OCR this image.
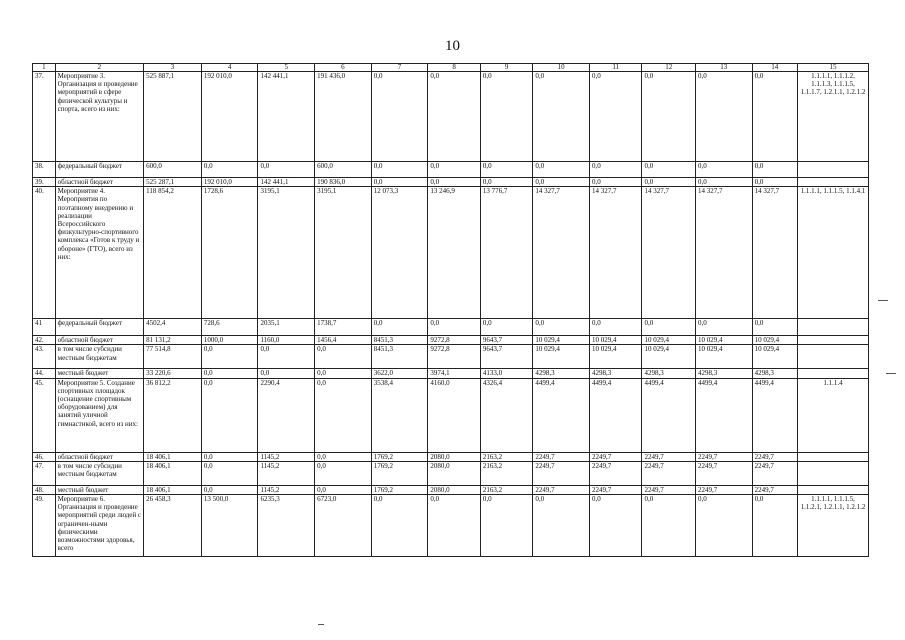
10
1	2	3	4	5	6	7	8	9	10	11	12	13	14	15
37.	Мероприятие 3. Организация и проведение мероприятий в сфере физической культуры и спорта, всего из них:	525 887,1	192 010,0	142 441,1	191 436,0	0,0	0,0	0,0	0,0	0,0	0,0	0,0	0,0	1.1.1.1, 1.1.1.2, 1.1.1.3, 1.1.1.5, 1.1.1.7, 1.2.1.1, 1.2.1.2
38.	федеральный бюджет	600,0	0,0	0,0	600,0	0,0	0,0	0,0	0,0	0,0	0,0	0,0	0,0	
39.	областной бюджет	525 287,1	192 010,0	142 441,1	190 836,0	0,0	0,0	0,0	0,0	0,0	0,0	0,0	0,0	
40.	Мероприятие 4. Мероприятия по поэтапному внедрению и реализации Всероссийского физкультурно-спортивного комплекса «Готов к труду и обороне» (ГТО), всего из них:	118 854,2	1728,6	3195,1	3195,1	12 073,3	13 246,9	13 776,7	14 327,7	14 327,7	14 327,7	14 327,7	14 327,7	1.1.1.1, 1.1.1.5, 1.1.4.1
41	федеральный бюджет	4502,4	728,6	2035,1	1738,7	0,0	0,0	0,0	0,0	0,0	0,0	0,0	0,0	
42.	областной бюджет	81 131,2	1000,0	1160,0	1456,4	8451,3	9272,8	9643,7	10 029,4	10 029,4	10 029,4	10 029,4	10 029,4	
43.	в том числе субсидии местным бюджетам	77 514,8	0,0	0,0	0,0	8451,3	9272,8	9643,7	10 029,4	10 029,4	10 029,4	10 029,4	10 029,4	
44.	местный бюджет	33 220,6	0,0	0,0	0,0	3622,0	3974,1	4133,0	4298,3	4298,3	4298,3	4298,3	4298,3	
45.	Мероприятие 5. Создание спортивных площадок (оснащение спортивным оборудованием) для занятий уличной гимнастикой, всего из них:	36 812,2	0,0	2290,4	0,0	3538,4	4160,0	4326,4	4499,4	4499,4	4499,4	4499,4	4499,4	1.1.1.4
46.	областной бюджет	18 406,1	0,0	1145,2	0,0	1769,2	2080,0	2163,2	2249,7	2249,7	2249,7	2249,7	2249,7	
47.	в том числе субсидии местным бюджетам	18 406,1	0,0	1145,2	0,0	1769,2	2080,0	2163,2	2249,7	2249,7	2249,7	2249,7	2249,7	
48.	местный бюджет	18 406,1	0,0	1145,2	0,0	1769,2	2080,0	2163,2	2249,7	2249,7	2249,7	2249,7	2249,7	
49.	Мероприятие 6. Организация и проведение мероприятий среди людей с ограничен-ными физическими возможностями здоровья, всего	26 458,3	13 500,0	6235,3	6723,0	0,0	0,0	0,0	0,0	0,0	0,0	0,0	0,0	1.1.1.1, 1.1.1.5, 1.1.2.1, 1.2.1.1, 1.2.1.2
